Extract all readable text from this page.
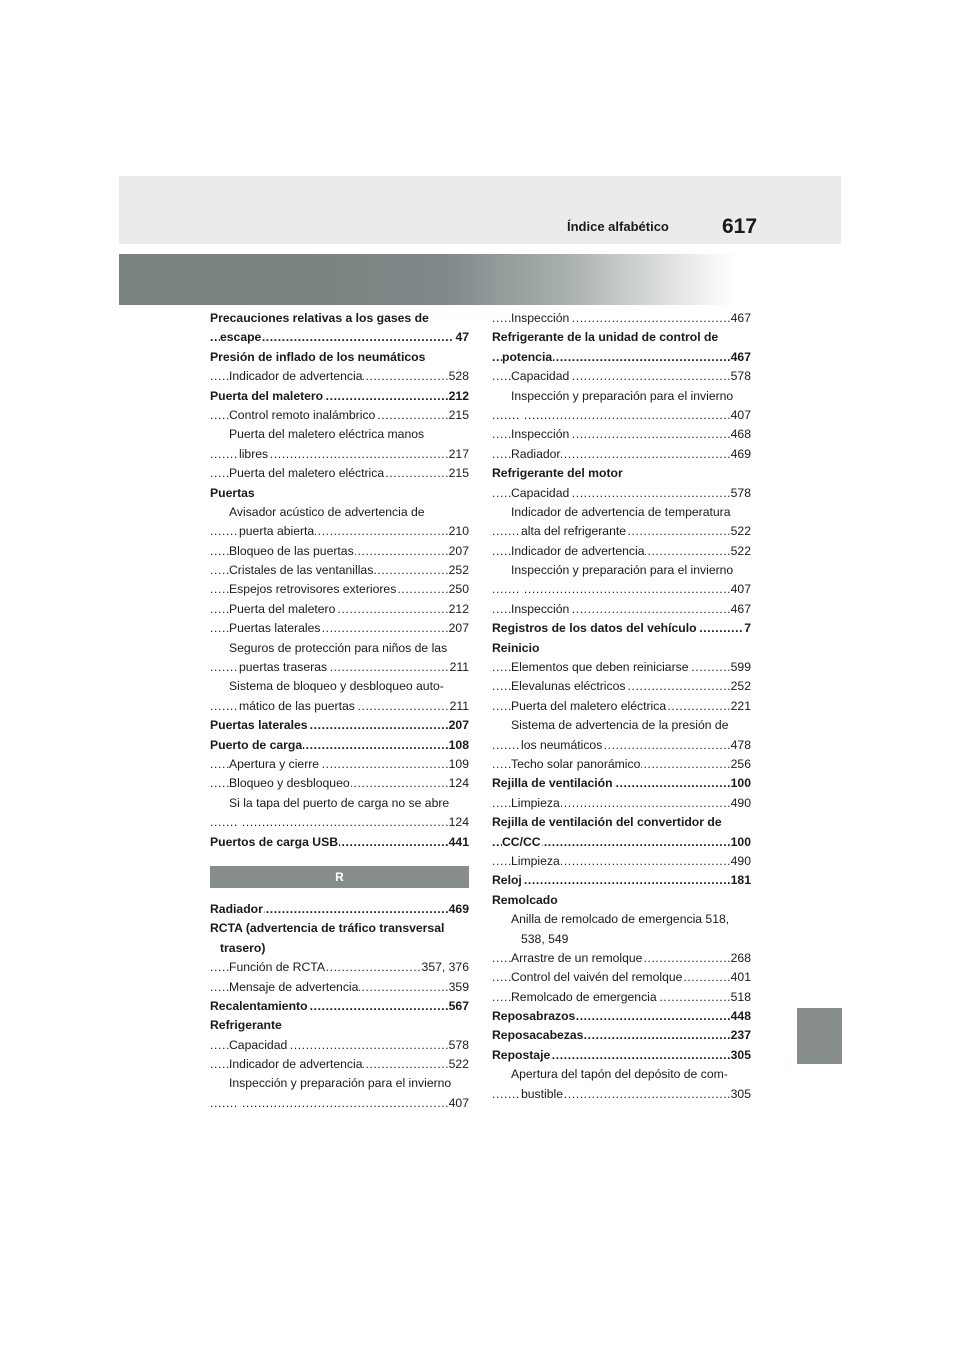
Índice alfabético	617
Precauciones relativas a los gases de
escape	47
.....
Presión de inflado de los neumáticos
Indicador de advertencia	528
.....
Puerta del maletero	212
.....
Control remoto inalámbrico	215
.....
Puerta del maletero eléctrica manos
libres	217
.....
Puerta del maletero eléctrica	215
.....
Puertas
Avisador acústico de advertencia de
puerta abierta	210
.....
Bloqueo de las puertas	207
.....
Cristales de las ventanillas	252
.....
Espejos retrovisores exteriores	250
.....
Puerta del maletero	212
.....
Puertas laterales	207
.....
Seguros de protección para niños de las
puertas traseras	211
.....
Sistema de bloqueo y desbloqueo auto-
mático de las puertas	211
.....
Puertas laterales	207
.....
Puerto de carga	108
.....
Apertura y cierre	109
.....
Bloqueo y desbloqueo	124
.....
Si la tapa del puerto de carga no se abre
124
.....
Puertos de carga USB	441
.....
R
Radiador	469
.....
RCTA (advertencia de tráfico transversal
trasero)
Función de RCTA	357, 376
.....
Mensaje de advertencia	359
.....
Recalentamiento	567
.....
Refrigerante
Capacidad	578
.....
Indicador de advertencia	522
.....
Inspección y preparación para el invierno
407
.....
Inspección	467
.....
Refrigerante de la unidad de control de
potencia	467
.....
Capacidad	578
.....
Inspección y preparación para el invierno
407
.....
Inspección	468
.....
Radiador	469
.....
Refrigerante del motor
Capacidad	578
.....
Indicador de advertencia de temperatura
alta del refrigerante	522
.....
Indicador de advertencia	522
.....
Inspección y preparación para el invierno
407
.....
Inspección	467
.....
Registros de los datos del vehículo	7
.....
Reinicio
Elementos que deben reiniciarse	599
.....
Elevalunas eléctricos	252
.....
Puerta del maletero eléctrica	221
.....
Sistema de advertencia de la presión de
los neumáticos	478
.....
Techo solar panorámico	256
.....
Rejilla de ventilación	100
.....
Limpieza	490
.....
Rejilla de ventilación del convertidor de
CC/CC	100
.....
Limpieza	490
.....
Reloj	181
.....
Remolcado
Anilla de remolcado de emergencia 518,
538, 549
Arrastre de un remolque	268
.....
Control del vaivén del remolque	401
.....
Remolcado de emergencia	518
.....
Reposabrazos	448
.....
Reposacabezas	237
.....
Repostaje	305
.....
Apertura del tapón del depósito de com-
bustible	305
.....
